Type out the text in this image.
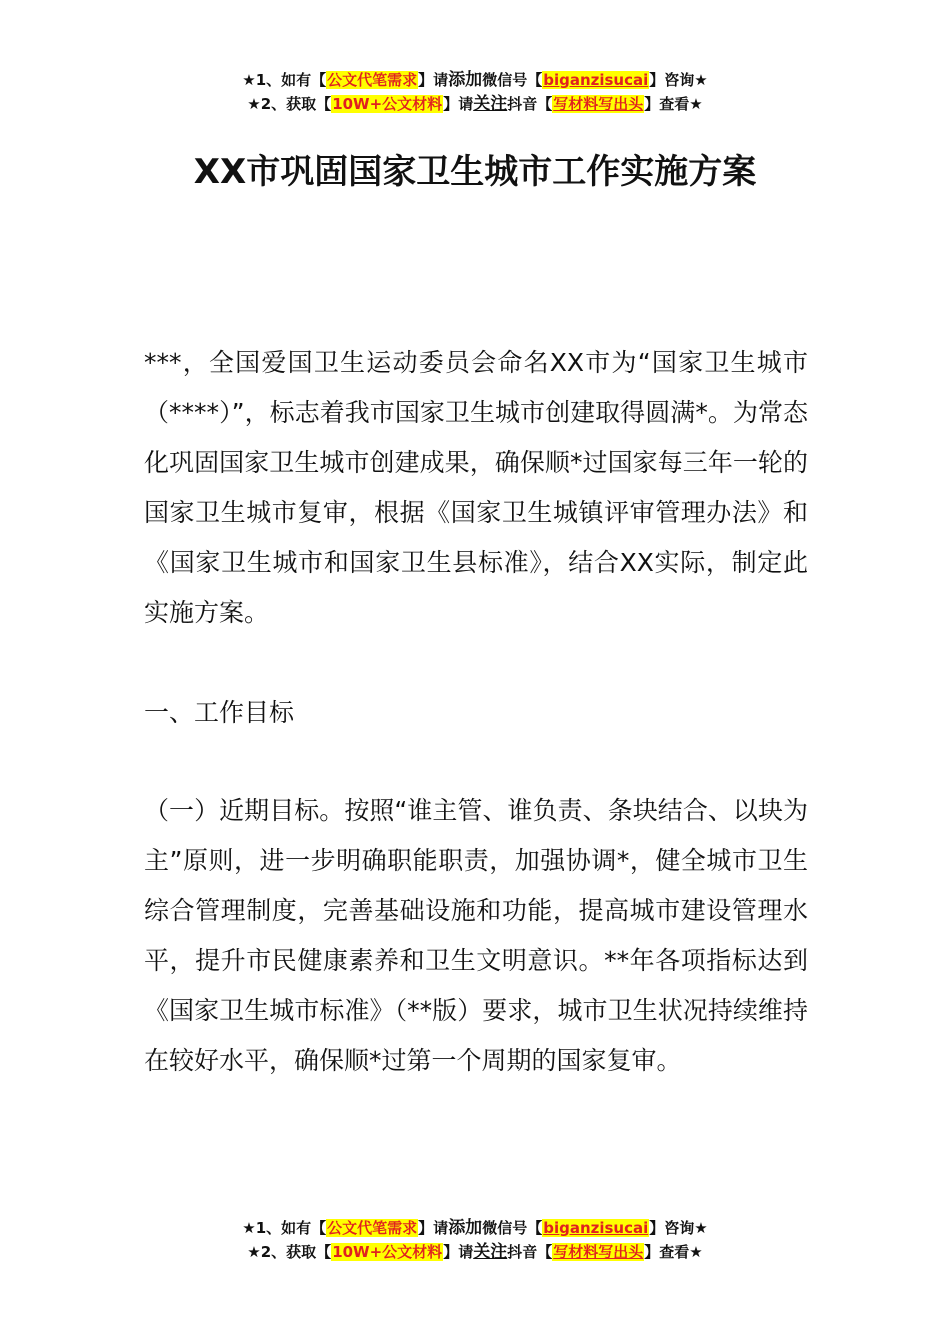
★1、如有【公文代笔需求】请添加微信号【biganzisucai】咨询★
★2、获取【10W+公文材料】请关注抖音【写材料写出头】查看★
XX市巩固国家卫生城市工作实施方案

***，全国爱国卫生运动委员会命名XX市为“国家卫生城市（****）”，标志着我市国家卫生城市创建取得圆满*。为常态化巩固国家卫生城市创建成果，确保顺*过国家每三年一轮的国家卫生城市复审，根据《国家卫生城镇评审管理办法》和《国家卫生城市和国家卫生县标准》，结合XX实际，制定此实施方案。

一、工作目标

（一）近期目标。按照“谁主管、谁负责、条块结合、以块为主”原则，进一步明确职能职责，加强协调*，健全城市卫生综合管理制度，完善基础设施和功能，提高城市建设管理水平，提升市民健康素养和卫生文明意识。**年各项指标达到《国家卫生城市标准》（**版）要求，城市卫生状况持续维持在较好水平，确保顺*过第一个周期的国家复审。

★1、如有【公文代笔需求】请添加微信号【biganzisucai】咨询★
★2、获取【10W+公文材料】请关注抖音【写材料写出头】查看★
